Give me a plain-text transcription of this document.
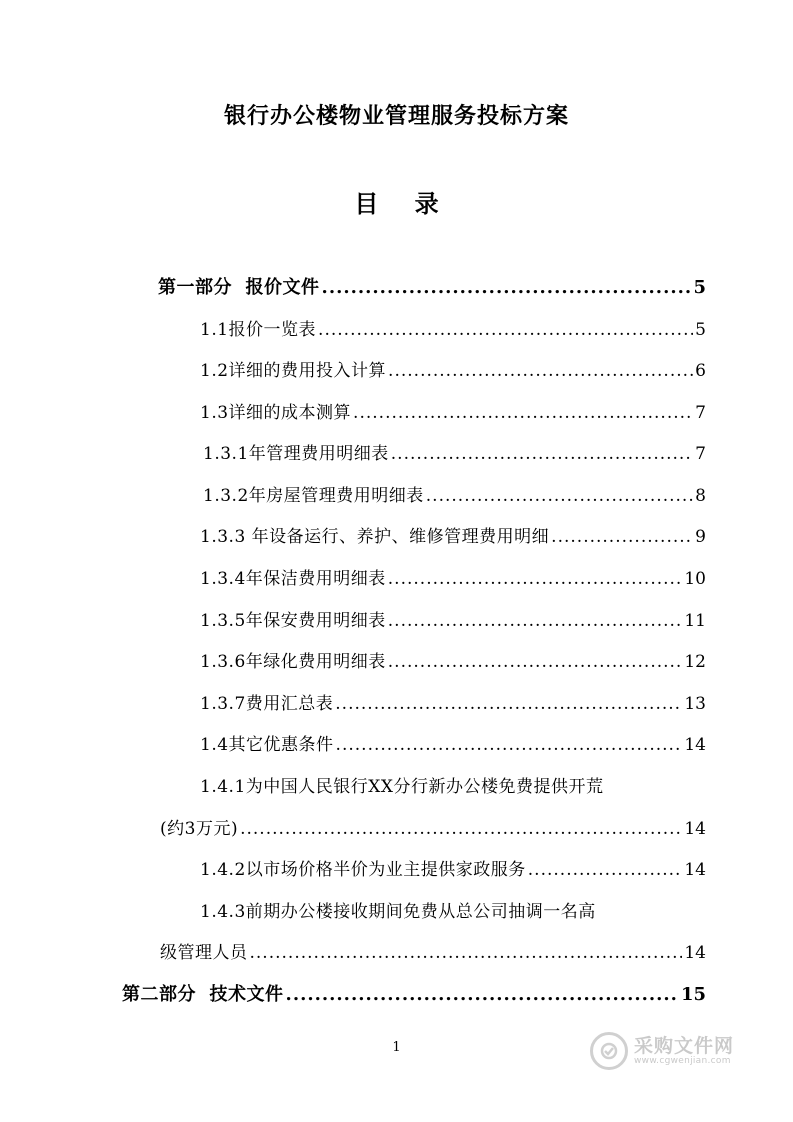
银行办公楼物业管理服务投标方案
目 录
第一部分  报价文件 .....	5
1.1报价一览表 .....	5
1.2详细的费用投入计算 .....	6
1.3详细的成本测算 .....	7
1.3.1年管理费用明细表 .....	7
1.3.2年房屋管理费用明细表 .....	8
1.3.3 年设备运行、养护、维修管理费用明细 .....	9
1.3.4年保洁费用明细表 .....	10
1.3.5年保安费用明细表 .....	11
1.3.6年绿化费用明细表 .....	12
1.3.7费用汇总表 .....	13
1.4其它优惠条件 .....	14
1.4.1为中国人民银行XX分行新办公楼免费提供开荒
(约3万元) .....	14
1.4.2以市场价格半价为业主提供家政服务 .....	14
1.4.3前期办公楼接收期间免费从总公司抽调一名高
级管理人员 .....	14
第二部分  技术文件 .....	15
1	采购文件网
www.cgwenjian.com
